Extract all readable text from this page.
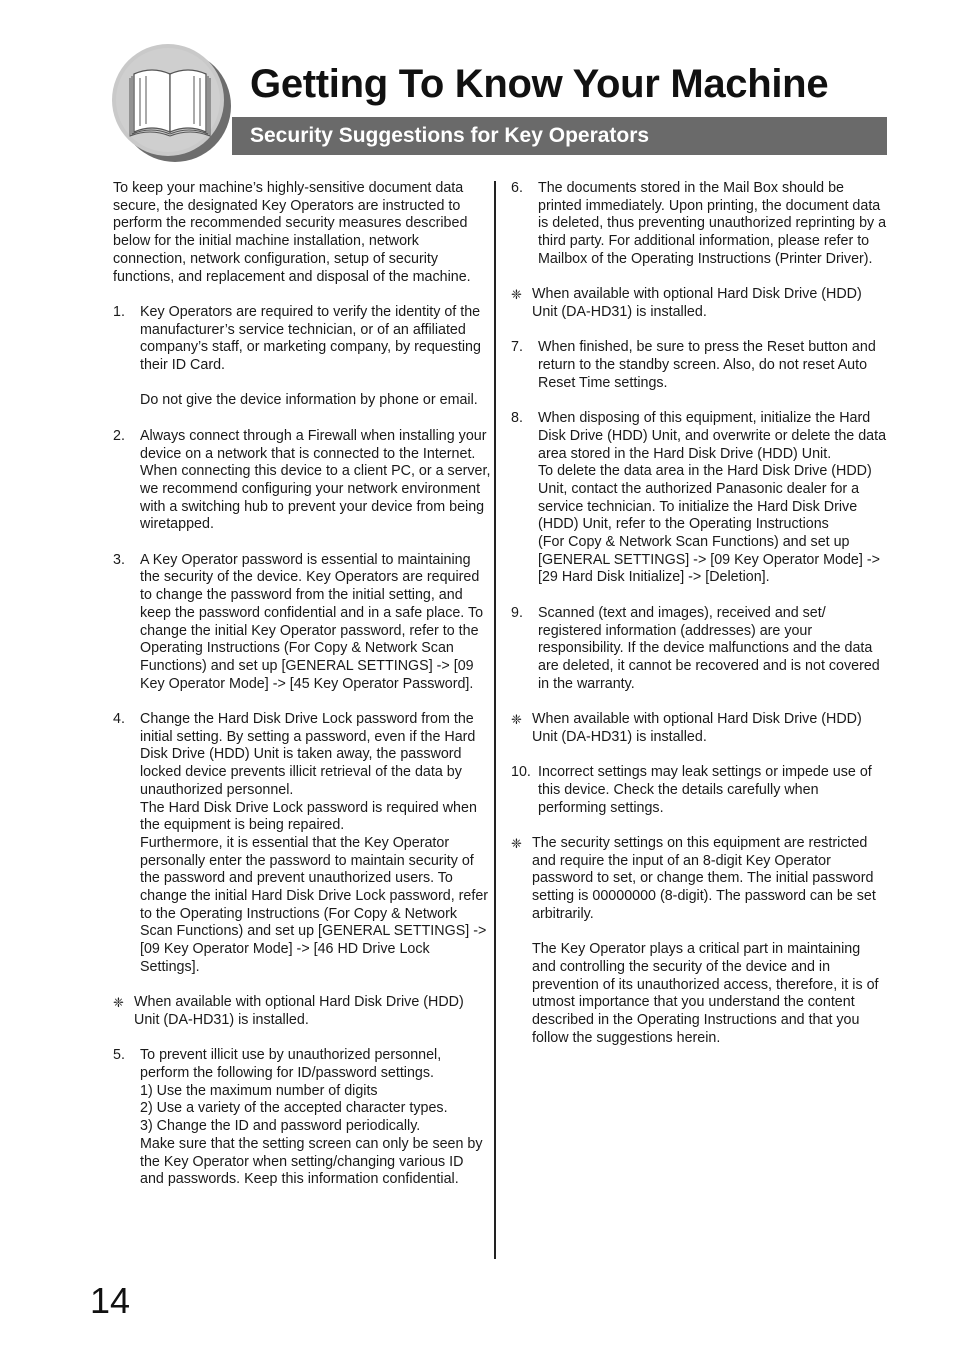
Getting To Know Your Machine
Security Suggestions for Key Operators

To keep your machine’s highly-sensitive document data secure, the designated Key Operators are instructed to perform the recommended security measures described below for the initial machine installation, network connection, network configuration, setup of security functions, and replacement and disposal of the machine.

1. Key Operators are required to verify the identity of the manufacturer’s service technician, or of an affiliated company’s staff, or marketing company, by requesting their ID Card.

Do not give the device information by phone or email.

2. Always connect through a Firewall when installing your device on a network that is connected to the Internet. When connecting this device to a client PC, or a server, we recommend configuring your network environment with a switching hub to prevent your device from being wiretapped.

3. A Key Operator password is essential to maintaining the security of the device. Key Operators are required to change the password from the initial setting, and keep the password confidential and in a safe place. To change the initial Key Operator password, refer to the Operating Instructions (For Copy & Network Scan Functions) and set up [GENERAL SETTINGS] -> [09 Key Operator Mode] -> [45 Key Operator Password].

4. Change the Hard Disk Drive Lock password from the initial setting. By setting a password, even if the Hard Disk Drive (HDD) Unit is taken away, the password locked device prevents illicit retrieval of the data by unauthorized personnel.

The Hard Disk Drive Lock password is required when the equipment is being repaired.

Furthermore, it is essential that the Key Operator personally enter the password to maintain security of the password and prevent unauthorized users. To change the initial Hard Disk Drive Lock password, refer to the Operating Instructions (For Copy & Network Scan Functions) and set up [GENERAL SETTINGS] -> [09 Key Operator Mode] -> [46 HD Drive Lock Settings].

❈ When available with optional Hard Disk Drive (HDD) Unit (DA-HD31) is installed.

5. To prevent illicit use by unauthorized personnel, perform the following for ID/password settings.

1) Use the maximum number of digits
2) Use a variety of the accepted character types.
3) Change the ID and password periodically.

Make sure that the setting screen can only be seen by the Key Operator when setting/changing various ID and passwords. Keep this information confidential.

6. The documents stored in the Mail Box should be printed immediately. Upon printing, the document data is deleted, thus preventing unauthorized reprinting by a third party. For additional information, please refer to Mailbox of the Operating Instructions (Printer Driver).

❈ When available with optional Hard Disk Drive (HDD) Unit (DA-HD31) is installed.

7. When finished, be sure to press the Reset button and return to the standby screen. Also, do not reset Auto Reset Time settings.

8. When disposing of this equipment, initialize the Hard Disk Drive (HDD) Unit, and overwrite or delete the data area stored in the Hard Disk Drive (HDD) Unit.

To delete the data area in the Hard Disk Drive (HDD) Unit, contact the authorized Panasonic dealer for a service technician. To initialize the Hard Disk Drive (HDD) Unit, refer to the Operating Instructions

(For Copy & Network Scan Functions) and set up [GENERAL SETTINGS] -> [09 Key Operator Mode] -> [29 Hard Disk Initialize] -> [Deletion].

9. Scanned (text and images), received and set/ registered information (addresses) are your responsibility. If the device malfunctions and the data are deleted, it cannot be recovered and is not covered in the warranty.

❈ When available with optional Hard Disk Drive (HDD) Unit (DA-HD31) is installed.

10. Incorrect settings may leak settings or impede use of this device. Check the details carefully when performing settings.

❈ The security settings on this equipment are restricted and require the input of an 8-digit Key Operator password to set, or change them. The initial password setting is 00000000 (8-digit). The password can be set arbitrarily.

The Key Operator plays a critical part in maintaining and controlling the security of the device and in prevention of its unauthorized access, therefore, it is of utmost importance that you understand the content described in the Operating Instructions and that you follow the suggestions herein.

14
